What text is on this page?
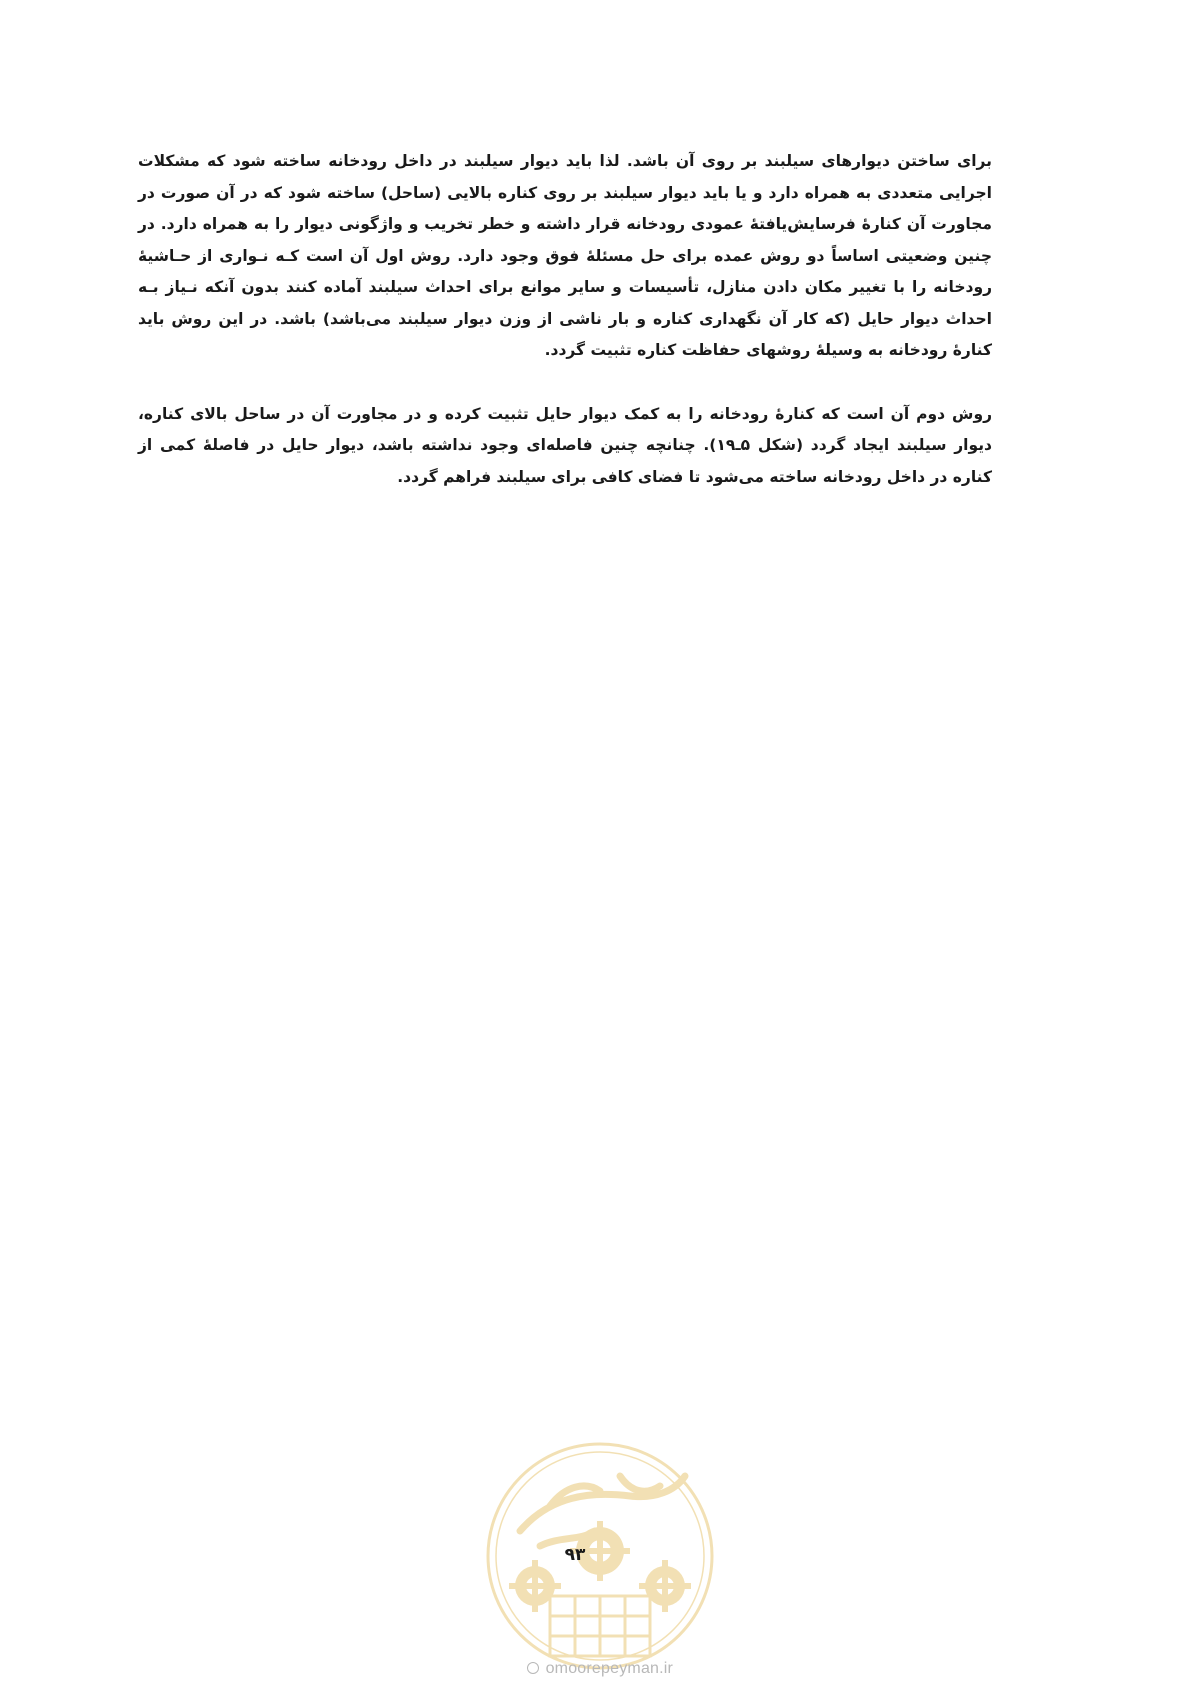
برای ساختن دیوارهای سیلبند بر روی آن باشد. لذا باید دیوار سیلبند در داخل رودخانه ساخته شود که مشکلات اجرایی متعددی به همراه دارد و یا باید دیوار سیلبند بر روی کناره بالایی (ساحل) ساخته شود که در آن صورت در مجاورت آن کنارهٔ فرسایش‌یافتهٔ عمودی رودخانه قرار داشته و خطر تخریب و واژگونی دیوار را به همراه دارد. در چنین وضعیتی اساساً دو روش عمده برای حل مسئلهٔ فوق وجود دارد. روش اول آن است کـه نـواری از حـاشیهٔ رودخانه را با تغییر مکان دادن منازل، تأسیسات و سایر موانع برای احداث سیلبند آماده کنند بدون آنکه نـیاز بـه احداث دیوار حایل (که کار آن نگهداری کناره و بار ناشی از وزن دیوار سیلبند می‌باشد) باشد. در این روش باید کنارهٔ رودخانه به وسیلهٔ روشهای حفاظت کناره تثبیت گردد.

روش دوم آن است که کنارهٔ رودخانه را به کمک دیوار حایل تثبیت کرده و در مجاورت آن در ساحل بالای کناره، دیوار سیلبند ایجاد گردد (شکل ۵ـ۱۹). چنانچه چنین فاصله‌ای وجود نداشته باشد، دیوار حایل در فاصلهٔ کمی از کناره در داخل رودخانه ساخته می‌شود تا فضای کافی برای سیلبند فراهم گردد.

۹۳
omoorepeyman.ir
